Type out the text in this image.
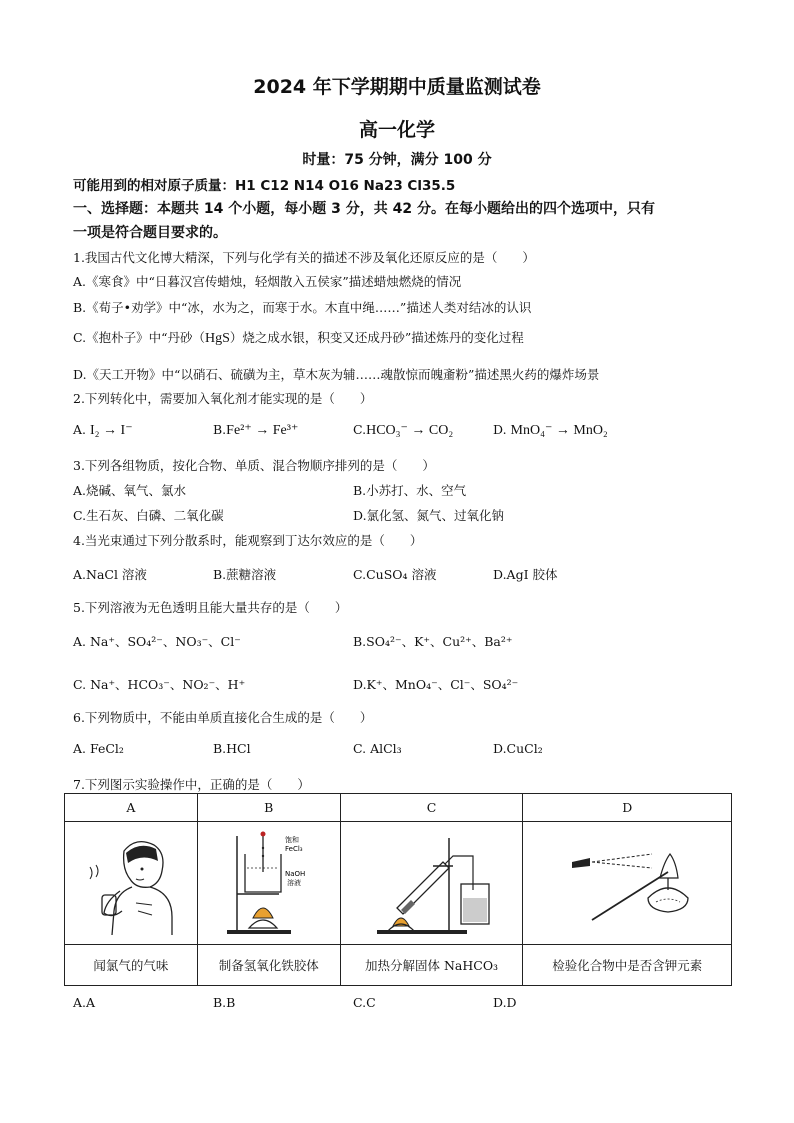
2024 年下学期期中质量监测试卷
高一化学
时量：75 分钟，满分 100 分
可能用到的相对原子质量：H1 C12 N14 O16 Na23 Cl35.5
一、选择题：本题共 14 个小题，每小题 3 分，共 42 分。在每小题给出的四个选项中，只有
一项是符合题目要求的。
1.我国古代文化博大精深，下列与化学有关的描述不涉及氧化还原反应的是（　　）
A.《寒食》中“日暮汉宫传蜡烛，轻烟散入五侯家”描述蜡烛燃烧的情况
B.《荀子•劝学》中“冰，水为之，而寒于水。木直中绳……”描述人类对结冰的认识
C.《抱朴子》中“丹砂（HgS）烧之成水银，积变又还成丹砂”描述炼丹的变化过程
D.《天工开物》中“以硝石、硫磺为主，草木灰为辅……魂散惊而魄齑粉”描述黑火药的爆炸场景
2.下列转化中，需要加入氧化剂才能实现的是（　　）
A. I₂ → I⁻	B.Fe²⁺ → Fe³⁺	C.HCO₃⁻ → CO₂	D. MnO₄⁻ → MnO₂
3.下列各组物质，按化合物、单质、混合物顺序排列的是（　　）
A.烧碱、氧气、氯水	B.小苏打、水、空气
C.生石灰、白磷、二氧化碳	D.氯化氢、氮气、过氧化钠
4.当光束通过下列分散系时，能观察到丁达尔效应的是（　　）
A.NaCl 溶液	B.蔗糖溶液	C.CuSO₄ 溶液	D.AgI 胶体
5.下列溶液为无色透明且能大量共存的是（　　）
A. Na⁺、SO₄²⁻、NO₃⁻、Cl⁻	B.SO₄²⁻、K⁺、Cu²⁺、Ba²⁺
C. Na⁺、HCO₃⁻、NO₂⁻、H⁺	D.K⁺、MnO₄⁻、Cl⁻、SO₄²⁻
6.下列物质中，不能由单质直接化合生成的是（　　）
A. FeCl₂	B.HCl	C. AlCl₃	D.CuCl₂
7.下列图示实验操作中，正确的是（　　）
A	B	C	D

饱和
FeCl₃
NaOH
溶液

闻氯气的气味	制备氢氧化铁胶体	加热分解固体 NaHCO₃	检验化合物中是否含钾元素
A.A	B.B	C.C	D.D
